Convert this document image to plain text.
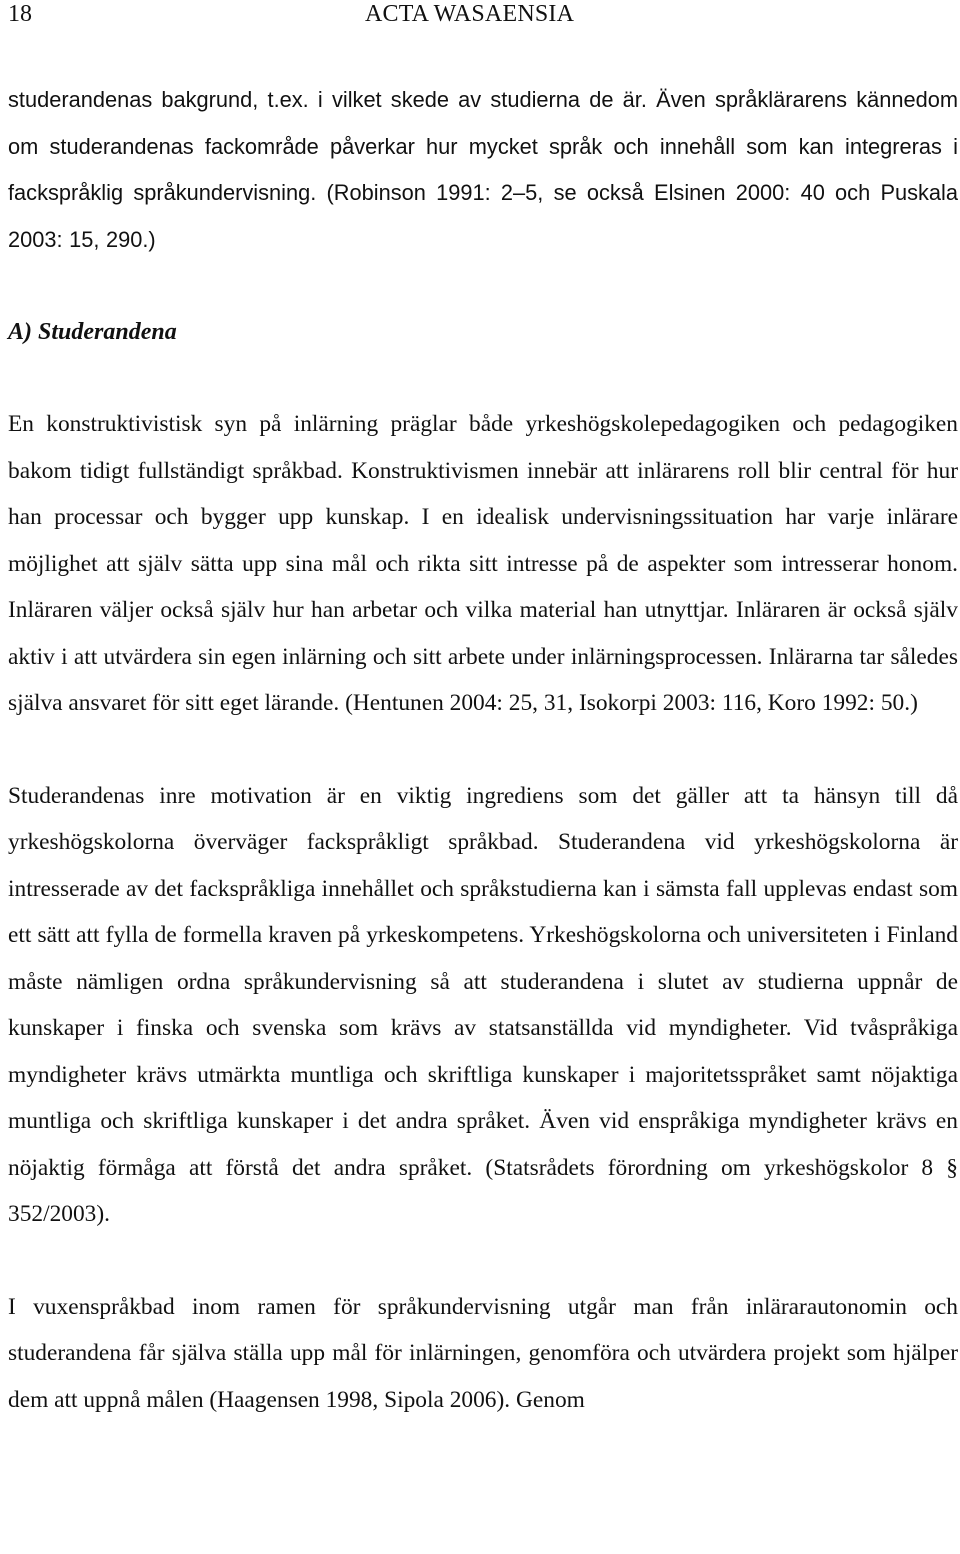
18	ACTA WASAENSIA

studerandenas bakgrund, t.ex. i vilket skede av studierna de är. Även språklärarens kännedom om studerandenas fackområde påverkar hur mycket språk och innehåll som kan integreras i fackspråklig språkundervisning. (Robinson 1991: 2–5, se också Elsinen 2000: 40 och Puskala 2003: 15, 290.)

A) Studerandena

En konstruktivistisk syn på inlärning präglar både yrkeshögskolepedagogiken och pedagogiken bakom tidigt fullständigt språkbad. Konstruktivismen innebär att inlärarens roll blir central för hur han processar och bygger upp kunskap. I en idealisk undervisningssituation har varje inlärare möjlighet att själv sätta upp sina mål och rikta sitt intresse på de aspekter som intresserar honom. Inläraren väljer också själv hur han arbetar och vilka material han utnyttjar. Inläraren är också själv aktiv i att utvärdera sin egen inlärning och sitt arbete under inlärningsprocessen. Inlärarna tar således själva ansvaret för sitt eget lärande. (Hentunen 2004: 25, 31, Isokorpi 2003: 116, Koro 1992: 50.)

Studerandenas inre motivation är en viktig ingrediens som det gäller att ta hänsyn till då yrkeshögskolorna överväger fackspråkligt språkbad. Studerandena vid yrkeshögskolorna är intresserade av det fackspråkliga innehållet och språkstudierna kan i sämsta fall upplevas endast som ett sätt att fylla de formella kraven på yrkeskompetens. Yrkeshögskolorna och universiteten i Finland måste nämligen ordna språkundervisning så att studerandena i slutet av studierna uppnår de kunskaper i finska och svenska som krävs av statsanställda vid myndigheter. Vid tvåspråkiga myndigheter krävs utmärkta muntliga och skriftliga kunskaper i majoritetsspråket samt nöjaktiga muntliga och skriftliga kunskaper i det andra språket. Även vid enspråkiga myndigheter krävs en nöjaktig förmåga att förstå det andra språket. (Statsrådets förordning om yrkeshögskolor 8 § 352/2003).

I vuxenspråkbad inom ramen för språkundervisning utgår man från inlärarautonomin och studerandena får själva ställa upp mål för inlärningen, genomföra och utvärdera projekt som hjälper dem att uppnå målen (Haagensen 1998, Sipola 2006). Genom
